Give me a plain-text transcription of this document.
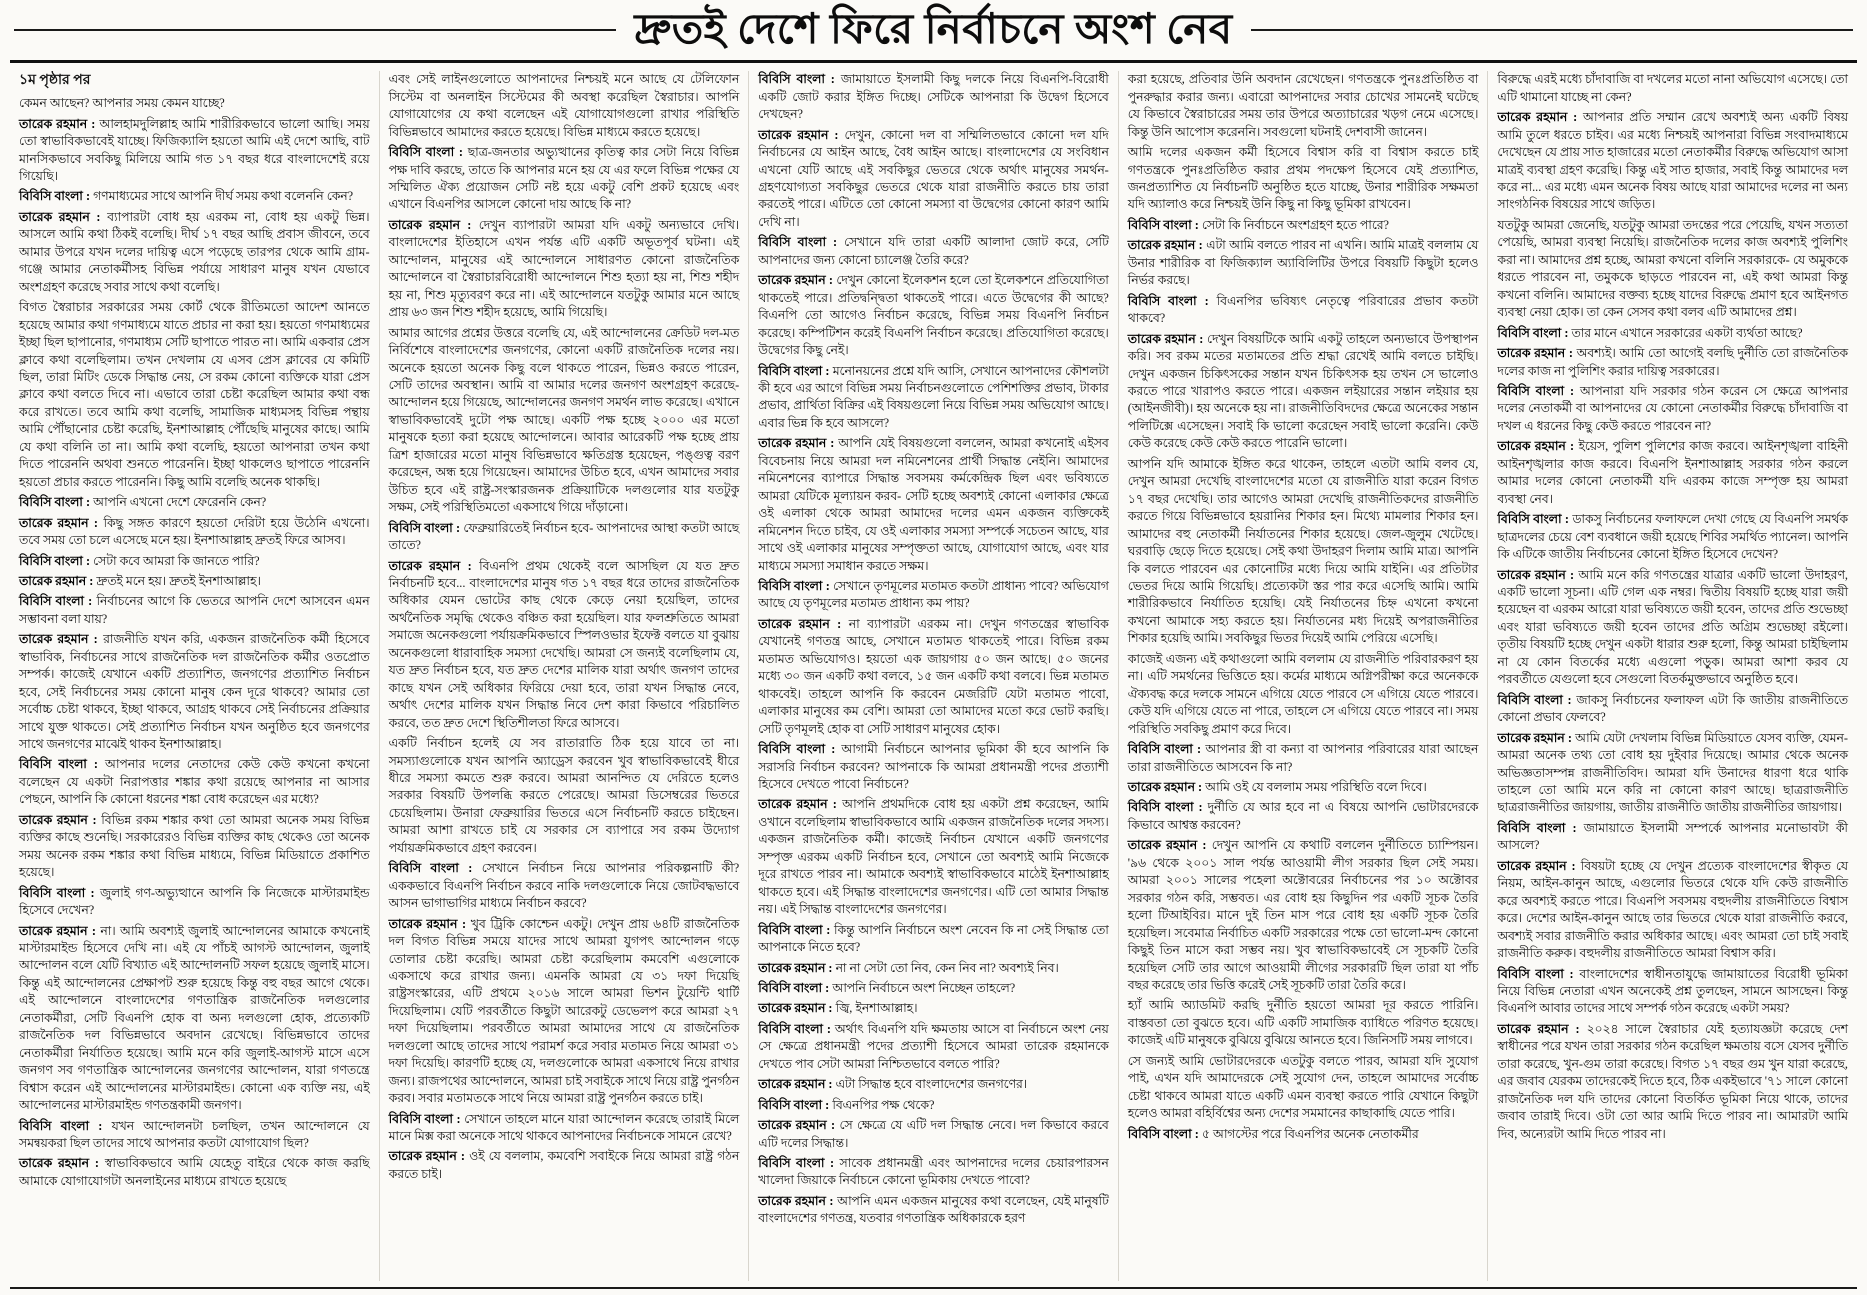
দ্রুতই দেশে ফিরে নির্বাচনে অংশ নেব

১ম পৃষ্ঠার পর

কেমন আছেন? আপনার সময় কেমন যাচ্ছে?

তারেক রহমান : আলহামদুলিল্লাহ আমি শারীরিকভাবে ভালো আছি। সময় তো স্বাভাবিকভাবেই যাচ্ছে। ফিজিক্যালি হয়তো আমি এই দেশে আছি, বাট মানসিকভাবে সবকিছু মিলিয়ে আমি গত ১৭ বছর ধরে বাংলাদেশেই রয়ে গিয়েছি।

বিবিসি বাংলা : গণমাধ্যমের সাথে আপনি দীর্ঘ সময় কথা বলেননি কেন?

তারেক রহমান : ব্যাপারটা বোধ হয় এরকম না, বোধ হয় একটু ভিন্ন। আসলে আমি কথা ঠিকই বলেছি। দীর্ঘ ১৭ বছর আছি প্রবাস জীবনে, তবে আমার উপরে যখন দলের দায়িত্ব এসে পড়েছে তারপর থেকে আমি গ্রাম-গঞ্জে আমার নেতাকর্মীসহ বিভিন্ন পর্যায়ে সাধারণ মানুষ যখন যেভাবে অংশগ্রহণ করেছে সবার সাথে কথা বলেছি।

বিগত স্বৈরাচার সরকারের সময় কোর্ট থেকে রীতিমতো আদেশ আনতে হয়েছে আমার কথা গণমাধ্যমে যাতে প্রচার না করা হয়। হয়তো গণমাধ্যমের ইচ্ছা ছিল ছাপানোর, গণমাধ্যম সেটি ছাপাতে পারত না। আমি একবার প্রেস ক্লাবে কথা বলেছিলাম। তখন দেখলাম যে এসব প্রেস ক্লাবের যে কমিটি ছিল, তারা মিটিং ডেকে সিদ্ধান্ত নেয়, সে রকম কোনো ব্যক্তিকে যারা প্রেস ক্লাবে কথা বলতে দিবে না। এভাবে তারা চেষ্টা করেছিল আমার কথা বন্ধ করে রাখতে। তবে আমি কথা বলেছি, সামাজিক মাধ্যমসহ বিভিন্ন পন্থায় আমি পৌঁছানোর চেষ্টা করেছি, ইনশাআল্লাহ পৌঁছেছি মানুষের কাছে। আমি যে কথা বলিনি তা না। আমি কথা বলেছি, হয়তো আপনারা তখন কথা দিতে পারেননি অথবা শুনতে পারেননি। ইচ্ছা থাকলেও ছাপাতে পারেননি হয়তো প্রচার করতে পারেননি। কিছু আমি বলেছি অনেক থাকছি।

বিবিসি বাংলা : আপনি এখনো দেশে ফেরেননি কেন?

তারেক রহমান : কিছু সঙ্গত কারণে হয়তো দেরিটা হয়ে উঠেনি এখনো। তবে সময় তো চলে এসেছে মনে হয়। ইনশাআল্লাহ দ্রুতই ফিরে আসব।

বিবিসি বাংলা : সেটা কবে আমরা কি জানতে পারি?

তারেক রহমান : দ্রুতই মনে হয়। দ্রুতই ইনশাআল্লাহ।

বিবিসি বাংলা : নির্বাচনের আগে কি ভেতরে আপনি দেশে আসবেন এমন সম্ভাবনা বলা যায়?

তারেক রহমান : রাজনীতি যখন করি, একজন রাজনৈতিক কর্মী হিসেবে স্বাভাবিক, নির্বাচনের সাথে রাজনৈতিক দল রাজনৈতিক কর্মীর ওতপ্রোত সম্পর্ক। কাজেই যেখানে একটি প্রত্যাশিত, জনগণের প্রত্যাশিত নির্বাচন হবে, সেই নির্বাচনের সময় কোনো মানুষ কেন দূরে থাকবে? আমার তো সর্বোচ্চ চেষ্টা থাকবে, ইচ্ছা থাকবে, আগ্রহ থাকবে সেই নির্বাচনের প্রক্রিয়ার সাথে যুক্ত থাকতে। সেই প্রত্যাশিত নির্বাচন যখন অনুষ্ঠিত হবে জনগণের সাথে জনগণের মাঝেই থাকব ইনশাআল্লাহ।

বিবিসি বাংলা : আপনার দলের নেতাদের কেউ কেউ কখনো কখনো বলেছেন যে একটা নিরাপত্তার শঙ্কার কথা রয়েছে আপনার না আসার পেছনে, আপনি কি কোনো ধরনের শঙ্কা বোধ করেছেন এর মধ্যে?

তারেক রহমান : বিভিন্ন রকম শঙ্কার কথা তো আমরা অনেক সময় বিভিন্ন ব্যক্তির কাছে শুনেছি। সরকারেরও বিভিন্ন ব্যক্তির কাছ থেকেও তো অনেক সময় অনেক রকম শঙ্কার কথা বিভিন্ন মাধ্যমে, বিভিন্ন মিডিয়াতে প্রকাশিত হয়েছে।

বিবিসি বাংলা : জুলাই গণ-অভ্যুত্থানে আপনি কি নিজেকে মাস্টারমাইন্ড হিসেবে দেখেন?

তারেক রহমান : না। আমি অবশ্যই জুলাই আন্দোলনের আমাকে কখনোই মাস্টারমাইন্ড হিসেবে দেখি না। এই যে পাঁচই আগস্ট আন্দোলন, জুলাই আন্দোলন বলে যেটি বিখ্যাত এই আন্দোলনটি সফল হয়েছে জুলাই মাসে। কিন্তু এই আন্দোলনের প্রেক্ষাপট শুরু হয়েছে কিন্তু বহু বছর আগে থেকে। এই আন্দোলনে বাংলাদেশের গণতান্ত্রিক রাজনৈতিক দলগুলোর নেতাকর্মীরা, সেটি বিএনপি হোক বা অন্য দলগুলো হোক, প্রত্যেকটি রাজনৈতিক দল বিভিন্নভাবে অবদান রেখেছে। বিভিন্নভাবে তাদের নেতাকর্মীরা নির্যাতিত হয়েছে। আমি মনে করি জুলাই-আগস্ট মাসে এসে জনগণ সব গণতান্ত্রিক আন্দোলনের জনগণের আন্দোলন, যারা গণতন্ত্রে বিশ্বাস করেন এই আন্দোলনের মাস্টারমাইন্ড। কোনো এক ব্যক্তি নয়, এই আন্দোলনের মাস্টারমাইন্ড গণতন্ত্রকামী জনগণ।

বিবিসি বাংলা : যখন আন্দোলনটা চলছিল, তখন আন্দোলনে যে সমন্বয়করা ছিল তাদের সাথে আপনার কতটা যোগাযোগ ছিল?

তারেক রহমান : স্বাভাবিকভাবে আমি যেহেতু বাইরে থেকে কাজ করছি আমাকে যোগাযোগটা অনলাইনের মাধ্যমে রাখতে হয়েছে

এবং সেই লাইনগুলোতে আপনাদের নিশ্চয়ই মনে আছে যে টেলিফোন সিস্টেম বা অনলাইন সিস্টেমের কী অবস্থা করেছিল স্বৈরাচার। আপনি যোগাযোগের যে কথা বলেছেন এই যোগাযোগগুলো রাখার পরিস্থিতি বিভিন্নভাবে আমাদের করতে হয়েছে। বিভিন্ন মাধ্যমে করতে হয়েছে।

বিবিসি বাংলা : ছাত্র-জনতার অভ্যুত্থানের কৃতিত্ব কার সেটা নিয়ে বিভিন্ন পক্ষ দাবি করছে, তাতে কি আপনার মনে হয় যে এর ফলে বিভিন্ন পক্ষের যে সম্মিলিত ঐক্য প্রয়োজন সেটি নষ্ট হয়ে একটু বেশি প্রকট হয়েছে এবং এখানে বিএনপির আসলে কোনো দায় আছে কি না?

তারেক রহমান : দেখুন ব্যাপারটা আমরা যদি একটু অন্যভাবে দেখি। বাংলাদেশের ইতিহাসে এখন পর্যন্ত এটি একটি অভূতপূর্ব ঘটনা। এই আন্দোলন, মানুষের এই আন্দোলনে সাধারণত কোনো রাজনৈতিক আন্দোলনে বা স্বৈরাচারবিরোধী আন্দোলনে শিশু হত্যা হয় না, শিশু শহীদ হয় না, শিশু মৃত্যুবরণ করে না। এই আন্দোলনে যতটুকু আমার মনে আছে প্রায় ৬৩ জন শিশু শহীদ হয়েছে, আমি গিয়েছি।

আমার আগের প্রশ্নের উত্তরে বলেছি যে, এই আন্দোলনের ক্রেডিট দল-মত নির্বিশেষে বাংলাদেশের জনগণের, কোনো একটি রাজনৈতিক দলের নয়। অনেকে হয়তো অনেক কিছু বলে থাকতে পারেন, ভিন্নও করতে পারেন, সেটি তাদের অবস্থান। আমি বা আমার দলের জনগণ অংশগ্রহণ করেছে- আন্দোলন হয়ে গিয়েছে, আন্দোলনের জনগণ সমর্থন লাভ করেছে। এখানে স্বাভাবিকভাবেই দুটো পক্ষ আছে। একটি পক্ষ হচ্ছে ২০০০ এর মতো মানুষকে হত্যা করা হয়েছে আন্দোলনে। আবার আরেকটি পক্ষ হচ্ছে প্রায় ত্রিশ হাজারের মতো মানুষ বিভিন্নভাবে ক্ষতিগ্রস্ত হয়েছেন, পঙ্গুত্ব বরণ করেছেন, অন্ধ হয়ে গিয়েছেন। আমাদের উচিত হবে, এখন আমাদের সবার উচিত হবে এই রাষ্ট্র-সংস্কারজনক প্রক্রিয়াটিকে দলগুলোর যার যতটুকু সক্ষম, সেই পরিস্থিতিমতো একসাথে গিয়ে দাঁড়ানো।

বিবিসি বাংলা : ফেব্রুয়ারিতেই নির্বাচন হবে- আপনাদের আস্থা কতটা আছে তাতে?

তারেক রহমান : বিএনপি প্রথম থেকেই বলে আসছিল যে যত দ্রুত নির্বাচনটি হবে... বাংলাদেশের মানুষ গত ১৭ বছর ধরে তাদের রাজনৈতিক অধিকার যেমন ভোটের কাছ থেকে কেড়ে নেয়া হয়েছিল, তাদের অর্থনৈতিক সমৃদ্ধি থেকেও বঞ্চিত করা হয়েছিল। যার ফলশ্রুতিতে আমরা সমাজে অনেকগুলো পর্যায়ক্রমিকভাবে স্পিলওভার ইফেক্ট বলতে যা বুঝায় অনেকগুলো ধারাবাহিক সমস্যা দেখেছি। আমরা সে জন্যই বলেছিলাম যে, যত দ্রুত নির্বাচন হবে, যত দ্রুত দেশের মালিক যারা অর্থাৎ জনগণ তাদের কাছে যখন সেই অধিকার ফিরিয়ে দেয়া হবে, তারা যখন সিদ্ধান্ত নেবে, অর্থাৎ দেশের মালিক যখন সিদ্ধান্ত নিবে দেশ কারা কিভাবে পরিচালিত করবে, তত দ্রুত দেশে স্থিতিশীলতা ফিরে আসবে।

একটি নির্বাচন হলেই যে সব রাতারাতি ঠিক হয়ে যাবে তা না। সমস্যাগুলোকে যখন আপনি অ্যাড্রেস করবেন খুব স্বাভাবিকভাবেই ধীরে ধীরে সমস্যা কমতে শুরু করবে। আমরা আনন্দিত যে দেরিতে হলেও সরকার বিষয়টি উপলব্ধি করতে পেরেছে। আমরা ডিসেম্বরের ভিতরে চেয়েছিলাম। উনারা ফেব্রুয়ারির ভিতরে এসে নির্বাচনটি করতে চাইছেন। আমরা আশা রাখতে চাই যে সরকার সে ব্যাপারে সব রকম উদ্যোগ পর্যায়ক্রমিকভাবে গ্রহণ করবেন।

বিবিসি বাংলা : সেখানে নির্বাচন নিয়ে আপনার পরিকল্পনাটি কী? এককভাবে বিএনপি নির্বাচন করবে নাকি দলগুলোকে নিয়ে জোটবদ্ধভাবে আসন ভাগাভাগির মাধ্যমে নির্বাচন করবে?

তারেক রহমান : খুব ট্রিকি কোশ্চেন একটু। দেখুন প্রায় ৬৪টি রাজনৈতিক দল বিগত বিভিন্ন সময়ে যাদের সাথে আমরা যুগপৎ আন্দোলন গড়ে তোলার চেষ্টা করেছি। আমরা চেষ্টা করেছিলাম কমবেশি এগুলোকে একসাথে করে রাখার জন্য। এমনকি আমরা যে ৩১ দফা দিয়েছি রাষ্ট্রসংস্কারের, এটি প্রথমে ২০১৬ সালে আমরা ভিশন টুয়েন্টি থার্টি দিয়েছিলাম। যেটি পরবর্তীতে কিছুটা আরেকটু ডেভেলপ করে আমরা ২৭ দফা দিয়েছিলাম। পরবর্তীতে আমরা আমাদের সাথে যে রাজনৈতিক দলগুলো আছে তাদের সাথে পরামর্শ করে সবার মতামত নিয়ে আমরা ৩১ দফা দিয়েছি। কারণটি হচ্ছে যে, দলগুলোকে আমরা একসাথে নিয়ে রাখার জন্য। রাজপথের আন্দোলনে, আমরা চাই সবাইকে সাথে নিয়ে রাষ্ট্র পুনর্গঠন করব। সবার মতামতকে সাথে নিয়ে আমরা রাষ্ট্র পুনর্গঠন করতে চাই।

বিবিসি বাংলা : সেখানে তাহলে মানে যারা আন্দোলন করেছে তারাই মিলে মানে মিক্স করা অনেকে সাথে থাকবে আপনাদের নির্বাচনকে সামনে রেখে?

তারেক রহমান : ওই যে বললাম, কমবেশি সবাইকে নিয়ে আমরা রাষ্ট্র গঠন করতে চাই।

বিবিসি বাংলা : জামায়াতে ইসলামী কিছু দলকে নিয়ে বিএনপি-বিরোধী একটি জোট করার ইঙ্গিত দিচ্ছে। সেটিকে আপনারা কি উদ্বেগ হিসেবে দেখছেন?

তারেক রহমান : দেখুন, কোনো দল বা সম্মিলিতভাবে কোনো দল যদি নির্বাচনের যে আইন আছে, বৈধ আইন আছে। বাংলাদেশের যে সংবিধান এখনো যেটি আছে এই সবকিছুর ভেতরে থেকে অর্থাৎ মানুষের সমর্থন-গ্রহণযোগ্যতা সবকিছুর ভেতরে থেকে যারা রাজনীতি করতে চায় তারা করতেই পারে। এটিতে তো কোনো সমস্যা বা উদ্বেগের কোনো কারণ আমি দেখি না।

বিবিসি বাংলা : সেখানে যদি তারা একটি আলাদা জোট করে, সেটি আপনাদের জন্য কোনো চ্যালেঞ্জ তৈরি করে?

তারেক রহমান : দেখুন কোনো ইলেকশন হলে তো ইলেকশনে প্রতিযোগিতা থাকতেই পারে। প্রতিদ্বন্দ্বিতা থাকতেই পারে। এতে উদ্বেগের কী আছে? বিএনপি তো আগেও নির্বাচন করেছে, বিভিন্ন সময় বিএনপি নির্বাচন করেছে। কম্পিটিশন করেই বিএনপি নির্বাচন করেছে। প্রতিযোগিতা করেছে। উদ্বেগের কিছু নেই।

বিবিসি বাংলা : মনোনয়নের প্রশ্নে যদি আসি, সেখানে আপনাদের কৌশলটা কী হবে এর আগে বিভিন্ন সময় নির্বাচনগুলোতে পেশিশক্তির প্রভাব, টাকার প্রভাব, প্রার্থিতা বিক্রির এই বিষয়গুলো নিয়ে বিভিন্ন সময় অভিযোগ আছে। এবার ভিন্ন কি হবে আসলে?

তারেক রহমান : আপনি যেই বিষয়গুলো বললেন, আমরা কখনোই এইসব বিবেচনায় নিয়ে আমরা দল নমিনেশনের প্রার্থী সিদ্ধান্ত নেইনি। আমাদের নমিনেশনের ব্যাপারে সিদ্ধান্ত সবসময় কর্মকেন্দ্রিক ছিল এবং ভবিষ্যতে আমরা যেটিকে মূল্যায়ন করব- সেটি হচ্ছে অবশ্যই কোনো এলাকার ক্ষেত্রে ওই এলাকা থেকে আমরা আমাদের দলের এমন একজন ব্যক্তিকেই নমিনেশন দিতে চাইব, যে ওই এলাকার সমস্যা সম্পর্কে সচেতন আছে, যার সাথে ওই এলাকার মানুষের সম্পৃক্ততা আছে, যোগাযোগ আছে, এবং যার মাধ্যমে সমস্যা সমাধান করতে সক্ষম।

বিবিসি বাংলা : সেখানে তৃণমূলের মতামত কতটা প্রাধান্য পাবে? অভিযোগ আছে যে তৃণমূলের মতামত প্রাধান্য কম পায়?

তারেক রহমান : না ব্যাপারটা এরকম না। দেখুন গণতন্ত্রের স্বাভাবিক যেখানেই গণতন্ত্র আছে, সেখানে মতামত থাকতেই পারে। বিভিন্ন রকম মতামত অভিযোগও। হয়তো এক জায়গায় ৫০ জন আছে। ৫০ জনের মধ্যে ৩০ জন একটি কথা বলবে, ১৫ জন একটি কথা বলবে। ভিন্ন মতামত থাকবেই। তাহলে আপনি কি করবেন মেজরিটি যেটা মতামত পাবো, এলাকার মানুষের কম বেশি। আমরা তো আমাদের মতো করে ভোট করছি। সেটি তৃণমূলই হোক বা সেটি সাধারণ মানুষের হোক।

বিবিসি বাংলা : আগামী নির্বাচনে আপনার ভূমিকা কী হবে আপনি কি সরাসরি নির্বাচন করবেন? আপনাকে কি আমরা প্রধানমন্ত্রী পদের প্রত্যাশী হিসেবে দেখতে পাবো নির্বাচনে?

তারেক রহমান : আপনি প্রথমদিকে বোধ হয় একটা প্রশ্ন করেছেন, আমি ওখানে বলেছিলাম স্বাভাবিকভাবে আমি একজন রাজনৈতিক দলের সদস্য। একজন রাজনৈতিক কর্মী। কাজেই নির্বাচন যেখানে একটি জনগণের সম্পৃক্ত এরকম একটি নির্বাচন হবে, সেখানে তো অবশ্যই আমি নিজেকে দূরে রাখতে পারব না। আমাকে অবশ্যই স্বাভাবিকভাবে মাঠেই ইনশাআল্লাহ থাকতে হবে। এই সিদ্ধান্ত বাংলাদেশের জনগণের। এটি তো আমার সিদ্ধান্ত নয়। এই সিদ্ধান্ত বাংলাদেশের জনগণের।

বিবিসি বাংলা : কিন্তু আপনি নির্বাচনে অংশ নেবেন কি না সেই সিদ্ধান্ত তো আপনাকে নিতে হবে?

তারেক রহমান : না না সেটা তো নিব, কেন নিব না? অবশ্যই নিব।

বিবিসি বাংলা : আপনি নির্বাচনে অংশ নিচ্ছেন তাহলে?

তারেক রহমান : জ্বি, ইনশাআল্লাহ।

বিবিসি বাংলা : অর্থাৎ বিএনপি যদি ক্ষমতায় আসে বা নির্বাচনে অংশ নেয় সে ক্ষেত্রে প্রধানমন্ত্রী পদের প্রত্যাশী হিসেবে আমরা তারেক রহমানকে দেখতে পাব সেটা আমরা নিশ্চিতভাবে বলতে পারি?

তারেক রহমান : এটা সিদ্ধান্ত হবে বাংলাদেশের জনগণের।

বিবিসি বাংলা : বিএনপির পক্ষ থেকে?

তারেক রহমান : সে ক্ষেত্রে যে এটি দল সিদ্ধান্ত নেবে। দল কিভাবে করবে এটি দলের সিদ্ধান্ত।

বিবিসি বাংলা : সাবেক প্রধানমন্ত্রী এবং আপনাদের দলের চেয়ারপারসন খালেদা জিয়াকে নির্বাচনে কোনো ভূমিকায় দেখতে পাবো?

তারেক রহমান : আপনি এমন একজন মানুষের কথা বলেছেন, যেই মানুষটি বাংলাদেশের গণতন্ত্র, যতবার গণতান্ত্রিক অধিকারকে হরণ

করা হয়েছে, প্রতিবার উনি অবদান রেখেছেন। গণতন্ত্রকে পুনঃপ্রতিষ্ঠিত বা পুনরুদ্ধার করার জন্য। এবারো আপনাদের সবার চোখের সামনেই ঘটেছে যে কিভাবে স্বৈরাচারের সময় তার উপরে অত্যাচারের খড়গ নেমে এসেছে। কিন্তু উনি আপোস করেননি। সবগুলো ঘটনাই দেশবাসী জানেন।

আমি দলের একজন কর্মী হিসেবে বিশ্বাস করি বা বিশ্বাস করতে চাই গণতন্ত্রকে পুনঃপ্রতিষ্ঠিত করার প্রথম পদক্ষেপ হিসেবে যেই প্রত্যাশিত, জনপ্রত্যাশিত যে নির্বাচনটি অনুষ্ঠিত হতে যাচ্ছে, উনার শারীরিক সক্ষমতা যদি অ্যালাও করে নিশ্চয়ই উনি কিছু না কিছু ভূমিকা রাখবেন।

বিবিসি বাংলা : সেটা কি নির্বাচনে অংশগ্রহণ হতে পারে?

তারেক রহমান : এটা আমি বলতে পারব না এখনি। আমি মাত্রই বললাম যে উনার শারীরিক বা ফিজিক্যাল অ্যাবিলিটির উপরে বিষয়টি কিছুটা হলেও নির্ভর করছে।

বিবিসি বাংলা : বিএনপির ভবিষ্যৎ নেতৃত্বে পরিবারের প্রভাব কতটা থাকবে?

তারেক রহমান : দেখুন বিষয়টিকে আমি একটু তাহলে অন্যভাবে উপস্থাপন করি। সব রকম মতের মতামতের প্রতি শ্রদ্ধা রেখেই আমি বলতে চাইছি। দেখুন একজন চিকিৎসকের সন্তান যখন চিকিৎসক হয় তখন সে ভালোও করতে পারে খারাপও করতে পারে। একজন লইয়ারের সন্তান লইয়ার হয় (আইনজীবী)। হয় অনেকে হয় না। রাজনীতিবিদদের ক্ষেত্রে অনেকের সন্তান পলিটিক্সে এসেছেন। সবাই কি ভালো করেছেন সবাই ভালো করেনি। কেউ কেউ করেছে কেউ কেউ করতে পারেনি ভালো।

আপনি যদি আমাকে ইঙ্গিত করে থাকেন, তাহলে এতটা আমি বলব যে, দেখুন আমরা দেখেছি বাংলাদেশের মতো যে রাজনীতি যারা করেন বিগত ১৭ বছর দেখেছি। তার আগেও আমরা দেখেছি রাজনীতিকদের রাজনীতি করতে গিয়ে বিভিন্নভাবে হয়রানির শিকার হন। মিথ্যে মামলার শিকার হন। আমাদের বহু নেতাকর্মী নির্যাতনের শিকার হয়েছে। জেল-জুলুম খেটেছে। ঘরবাড়ি ছেড়ে দিতে হয়েছে। সেই কথা উদাহরণ দিলাম আমি মাত্র। আপনি কি বলতে পারবেন এর কোনোটির মধ্যে দিয়ে আমি যাইনি। এর প্রতিটার ভেতর দিয়ে আমি গিয়েছি। প্রত্যেকটা স্তর পার করে এসেছি আমি। আমি শারীরিকভাবে নির্যাতিত হয়েছি। যেই নির্যাতনের চিহ্ন এখনো কখনো কখনো আমাকে সহ্য করতে হয়। নির্যাতনের মধ্য দিয়েই অপরাজনীতির শিকার হয়েছি আমি। সবকিছুর ভিতর দিয়েই আমি পেরিয়ে এসেছি।

কাজেই এজন্য এই কথাগুলো আমি বললাম যে রাজনীতি পরিবারকরণ হয় না। এটি সমর্থনের ভিত্তিতে হয়। কর্মের মাধ্যমে অগ্নিপরীক্ষা করে অনেককে ঐক্যবদ্ধ করে দলকে সামনে এগিয়ে যেতে পারবে সে এগিয়ে যেতে পারবে। কেউ যদি এগিয়ে যেতে না পারে, তাহলে সে এগিয়ে যেতে পারবে না। সময় পরিস্থিতি সবকিছু প্রমাণ করে দিবে।

বিবিসি বাংলা : আপনার স্ত্রী বা কন্যা বা আপনার পরিবারের যারা আছেন তারা রাজনীতিতে আসবেন কি না?

তারেক রহমান : আমি ওই যে বললাম সময় পরিস্থিতি বলে দিবে।

বিবিসি বাংলা : দুর্নীতি যে আর হবে না এ বিষয়ে আপনি ভোটারদেরকে কিভাবে আশ্বস্ত করবেন?

তারেক রহমান : দেখুন আপনি যে কথাটি বললেন দুর্নীতিতে চ্যাম্পিয়ন। '৯৬ থেকে ২০০১ সাল পর্যন্ত আওয়ামী লীগ সরকার ছিল সেই সময়। আমরা ২০০১ সালের পহেলা অক্টোবরের নির্বাচনের পর ১০ অক্টোবর সরকার গঠন করি, সম্ভবত। এর বোধ হয় কিছুদিন পর একটি সূচক তৈরি হলো টিআইবির। মানে দুই তিন মাস পরে বোধ হয় একটি সূচক তৈরি হয়েছিল। সবেমাত্র নির্বাচিত একটি সরকারের পক্ষে তো ভালো-মন্দ কোনো কিছুই তিন মাসে করা সম্ভব নয়। খুব স্বাভাবিকভাবেই সে সূচকটি তৈরি হয়েছিল সেটি তার আগে আওয়ামী লীগের সরকারটি ছিল তারা যা পাঁচ বছর করেছে তার ভিত্তি করেই সেই সূচকটি তারা তৈরি করে।

হ্যাঁ আমি অ্যাডমিট করছি দুর্নীতি হয়তো আমরা দূর করতে পারিনি। বাস্তবতা তো বুঝতে হবে। এটি একটি সামাজিক ব্যাধিতে পরিণত হয়েছে। কাজেই এটি মানুষকে বুঝিয়ে বুঝিয়ে আনতে হবে। জিনিসটি সময় লাগবে।

সে জন্যই আমি ভোটারদেরকে এতটুকু বলতে পারব, আমরা যদি সুযোগ পাই, এখন যদি আমাদেরকে সেই সুযোগ দেন, তাহলে আমাদের সর্বোচ্চ চেষ্টা থাকবে আমরা যাতে একটি এমন ব্যবস্থা করতে পারি যেখানে কিছুটা হলেও আমরা বহির্বিশ্বের অন্য দেশের সমমানের কাছাকাছি যেতে পারি।

বিবিসি বাংলা : ৫ আগস্টের পরে বিএনপির অনেক নেতাকর্মীর

বিরুদ্ধে এরই মধ্যে চাঁদাবাজি বা দখলের মতো নানা অভিযোগ এসেছে। তো এটি থামানো যাচ্ছে না কেন?

তারেক রহমান : আপনার প্রতি সম্মান রেখে অবশ্যই অন্য একটি বিষয় আমি তুলে ধরতে চাইব। এর মধ্যে নিশ্চয়ই আপনারা বিভিন্ন সংবাদমাধ্যমে দেখেছেন যে প্রায় সাত হাজারের মতো নেতাকর্মীর বিরুদ্ধে অভিযোগ আসা মাত্রই ব্যবস্থা গ্রহণ করেছি। কিন্তু এই সাত হাজার, সবাই কিন্তু আমাদের দল করে না... এর মধ্যে এমন অনেক বিষয় আছে যারা আমাদের দলের না অন্য সাংগঠনিক বিষয়ের সাথে জড়িত।

যতটুকু আমরা জেনেছি, যতটুকু আমরা তদন্তের পরে পেয়েছি, যখন সত্যতা পেয়েছি, আমরা ব্যবস্থা নিয়েছি। রাজনৈতিক দলের কাজ অবশ্যই পুলিশিং করা না। আমাদের প্রশ্ন হচ্ছে, আমরা কখনো বলিনি সরকারকে- যে অমুককে ধরতে পারবেন না, তমুককে ছাড়তে পারবেন না, এই কথা আমরা কিন্তু কখনো বলিনি। আমাদের বক্তব্য হচ্ছে যাদের বিরুদ্ধে প্রমাণ হবে আইনগত ব্যবস্থা নেয়া হোক। তা কেন সেসব কথা বলব এটি আমাদের প্রশ্ন।

বিবিসি বাংলা : তার মানে এখানে সরকারের একটা ব্যর্থতা আছে?

তারেক রহমান : অবশ্যই। আমি তো আগেই বলছি দুর্নীতি তো রাজনৈতিক দলের কাজ না পুলিশিং করার দায়িত্ব সরকারের।

বিবিসি বাংলা : আপনারা যদি সরকার গঠন করেন সে ক্ষেত্রে আপনার দলের নেতাকর্মী বা আপনাদের যে কোনো নেতাকর্মীর বিরুদ্ধে চাঁদাবাজি বা দখল এ ধরনের কিছু কেউ করতে পারবেন না?

তারেক রহমান : ইয়েস, পুলিশ পুলিশের কাজ করবে। আইনশৃঙ্খলা বাহিনী আইনশৃঙ্খলার কাজ করবে। বিএনপি ইনশাআল্লাহ সরকার গঠন করলে আমার দলের কোনো নেতাকর্মী যদি এরকম কাজে সম্পৃক্ত হয় আমরা ব্যবস্থা নেব।

বিবিসি বাংলা : ডাকসু নির্বাচনের ফলাফলে দেখা গেছে যে বিএনপি সমর্থক ছাত্রদলের চেয়ে বেশ ব্যবধানে জয়ী হয়েছে শিবির সমর্থিত প্যানেল। আপনি কি এটিকে জাতীয় নির্বাচনের কোনো ইঙ্গিত হিসেবে দেখেন?

তারেক রহমান : আমি মনে করি গণতন্ত্রের যাত্রার একটি ভালো উদাহরণ, একটি ভালো সূচনা। এটি গেল এক নম্বর। দ্বিতীয় বিষয়টি হচ্ছে যারা জয়ী হয়েছেন বা এরকম আরো যারা ভবিষ্যতে জয়ী হবেন, তাদের প্রতি শুভেচ্ছা এবং যারা ভবিষ্যতে জয়ী হবেন তাদের প্রতি অগ্রিম শুভেচ্ছা রইলো। তৃতীয় বিষয়টি হচ্ছে দেখুন একটা ধারার শুরু হলো, কিন্তু আমরা চাইছিলাম না যে কোন বিতর্কের মধ্যে এগুলো পড়ুক। আমরা আশা করব যে পরবর্তীতে যেগুলো হবে সেগুলো বিতর্কমুক্তভাবে অনুষ্ঠিত হবে।

বিবিসি বাংলা : জাকসু নির্বাচনের ফলাফল এটা কি জাতীয় রাজনীতিতে কোনো প্রভাব ফেলবে?

তারেক রহমান : আমি যেটা দেখলাম বিভিন্ন মিডিয়াতে যেসব ব্যক্তি, যেমন-আমরা অনেক তথ্য তো বোধ হয় দুইবার দিয়েছে। আমার থেকে অনেক অভিজ্ঞতাসম্পন্ন রাজনীতিবিদ। আমরা যদি উনাদের ধারণা ধরে থাকি তাহলে তো আমি মনে করি না কোনো কারণ আছে। ছাত্ররাজনীতি ছাত্ররাজনীতির জায়গায়, জাতীয় রাজনীতি জাতীয় রাজনীতির জায়গায়।

বিবিসি বাংলা : জামায়াতে ইসলামী সম্পর্কে আপনার মনোভাবটা কী আসলে?

তারেক রহমান : বিষয়টা হচ্ছে যে দেখুন প্রত্যেক বাংলাদেশের স্বীকৃত যে নিয়ম, আইন-কানুন আছে, এগুলোর ভিতরে থেকে যদি কেউ রাজনীতি করে অবশ্যই করতে পারে। বিএনপি সবসময় বহুদলীয় রাজনীতিতে বিশ্বাস করে। দেশের আইন-কানুন আছে তার ভিতরে থেকে যারা রাজনীতি করবে, অবশ্যই সবার রাজনীতি করার অধিকার আছে। এবং আমরা তো চাই সবাই রাজনীতি করুক। বহুদলীয় রাজনীতিতে আমরা বিশ্বাস করি।

বিবিসি বাংলা : বাংলাদেশের স্বাধীনতাযুদ্ধে জামায়াতের বিরোধী ভূমিকা নিয়ে বিভিন্ন নেতারা এখন অনেকেই প্রশ্ন তুলছেন, সামনে আসছেন। কিন্তু বিএনপি আবার তাদের সাথে সম্পর্ক গঠন করেছে একটা সময়?

তারেক রহমান : ২০২৪ সালে স্বৈরাচার যেই হত্যাযজ্ঞটা করেছে দেশ স্বাধীনের পরে যখন তারা সরকার গঠন করেছিল ক্ষমতায় বসে যেসব দুর্নীতি তারা করেছে, খুন-গুম তারা করেছে। বিগত ১৭ বছর গুম খুন যারা করেছে, এর জবাব যেরকম তাদেরকেই দিতে হবে, ঠিক একইভাবে '৭১ সালে কোনো রাজনৈতিক দল যদি তাদের কোনো বিতর্কিত ভূমিকা নিয়ে থাকে, তাদের জবাব তারাই দিবে। ওটা তো আর আমি দিতে পারব না। আমারটা আমি দিব, অন্যেরটা আমি দিতে পারব না।
